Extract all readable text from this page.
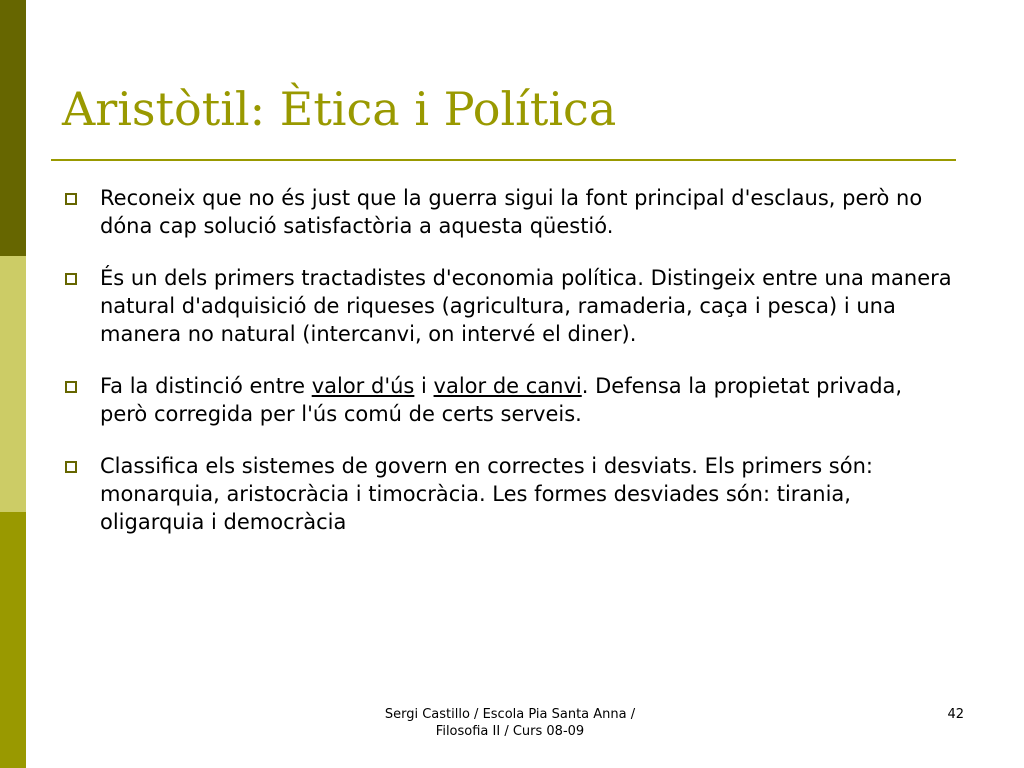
Aristòtil: Ètica i Política
Reconeix que no és just que la guerra sigui la font principal d'esclaus, però no dóna cap solució satisfactòria a aquesta qüestió.
És un dels primers tractadistes d'economia política. Distingeix entre una manera natural d'adquisició de riqueses (agricultura, ramaderia, caça i pesca) i una manera no natural (intercanvi, on intervé el diner).
Fa la distinció entre valor d'ús i valor de canvi. Defensa la propietat privada, però corregida per l'ús comú de certs serveis.
Classifica els sistemes de govern en correctes i desviats. Els primers són: monarquia, aristocràcia i timocràcia. Les formes desviades són: tirania, oligarquia i democràcia
Sergi Castillo / Escola Pia Santa Anna /
Filosofia II / Curs 08-09
42
